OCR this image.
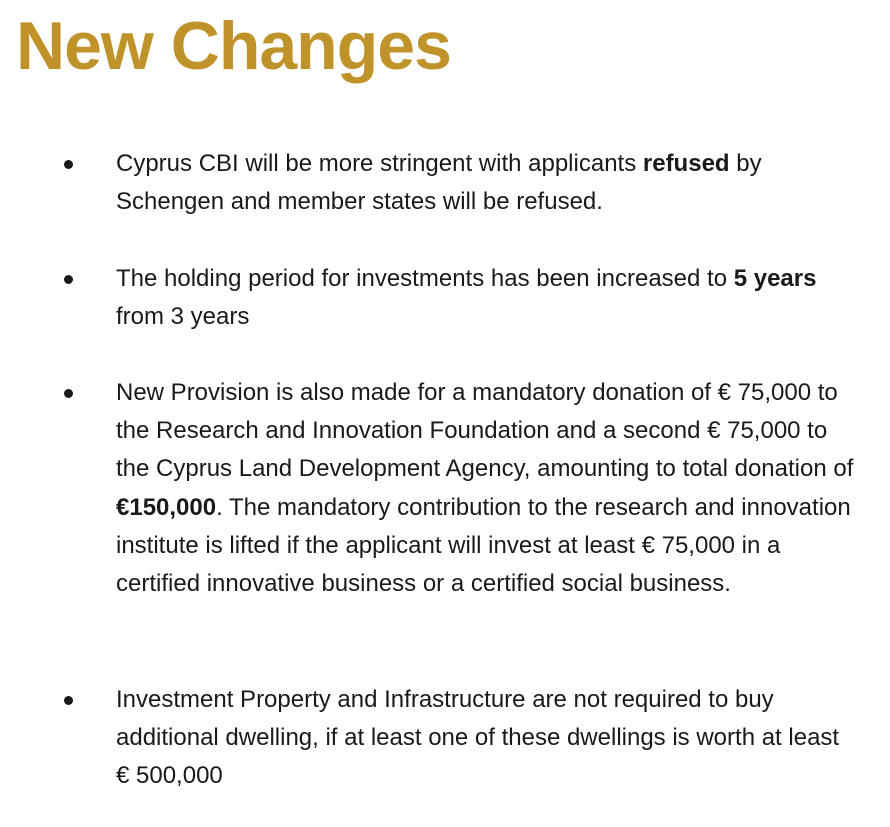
New Changes

Cyprus CBI will be more stringent with applicants refused by Schengen and member states will be refused.

The holding period for investments has been increased to 5 years from 3 years

New Provision is also made for a mandatory donation of € 75,000 to the Research and Innovation Foundation and a second € 75,000 to the Cyprus Land Development Agency, amounting to total donation of €150,000. The mandatory contribution to the research and innovation institute is lifted if the applicant will invest at least € 75,000 in a certified innovative business or a certified social business.

Investment Property and Infrastructure are not required to buy additional dwelling, if at least one of these dwellings is worth at least € 500,000
